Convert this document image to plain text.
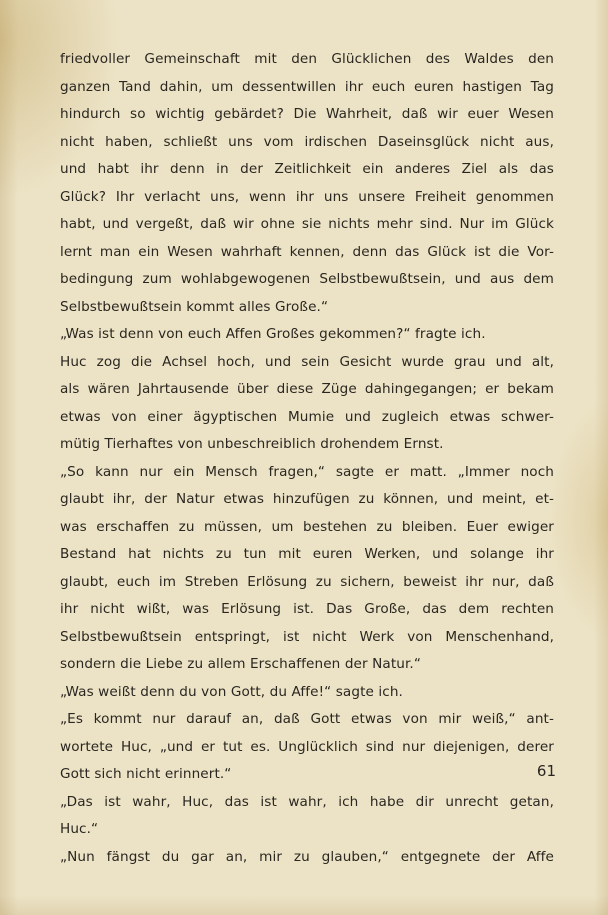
friedvoller Gemeinschaft mit den Glücklichen des Waldes den
ganzen Tand dahin, um dessentwillen ihr euch euren hastigen Tag
hindurch so wichtig gebärdet? Die Wahrheit, daß wir euer Wesen
nicht haben, schließt uns vom irdischen Daseinsglück nicht aus,
und habt ihr denn in der Zeitlichkeit ein anderes Ziel als das
Glück? Ihr verlacht uns, wenn ihr uns unsere Freiheit genommen
habt, und vergeßt, daß wir ohne sie nichts mehr sind. Nur im Glück
lernt man ein Wesen wahrhaft kennen, denn das Glück ist die Vor-
bedingung zum wohlabgewogenen Selbstbewußtsein, und aus dem
Selbstbewußtsein kommt alles Große.“
„Was ist denn von euch Affen Großes gekommen?“ fragte ich.
Huc zog die Achsel hoch, und sein Gesicht wurde grau und alt,
als wären Jahrtausende über diese Züge dahingegangen; er bekam
etwas von einer ägyptischen Mumie und zugleich etwas schwer-
mütig Tierhaftes von unbeschreiblich drohendem Ernst.
„So kann nur ein Mensch fragen,“ sagte er matt. „Immer noch
glaubt ihr, der Natur etwas hinzufügen zu können, und meint, et-
was erschaffen zu müssen, um bestehen zu bleiben. Euer ewiger
Bestand hat nichts zu tun mit euren Werken, und solange ihr
glaubt, euch im Streben Erlösung zu sichern, beweist ihr nur, daß
ihr nicht wißt, was Erlösung ist. Das Große, das dem rechten
Selbstbewußtsein entspringt, ist nicht Werk von Menschenhand,
sondern die Liebe zu allem Erschaffenen der Natur.“
„Was weißt denn du von Gott, du Affe!“ sagte ich.
„Es kommt nur darauf an, daß Gott etwas von mir weiß,“ ant-
wortete Huc, „und er tut es. Unglücklich sind nur diejenigen, derer
Gott sich nicht erinnert.“
„Das ist wahr, Huc, das ist wahr, ich habe dir unrecht getan,
Huc.“
„Nun fängst du gar an, mir zu glauben,“ entgegnete der Affe
61
